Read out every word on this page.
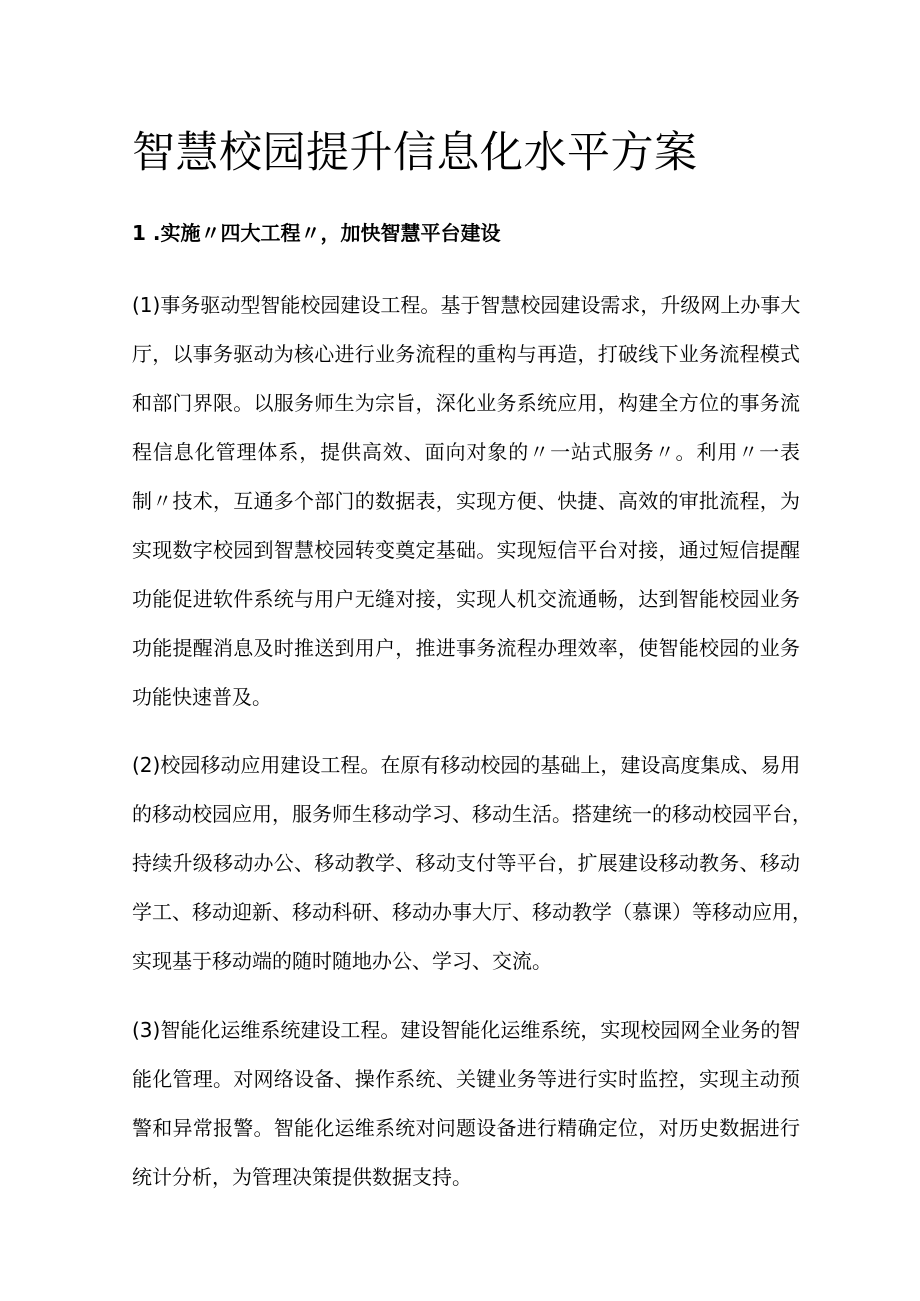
智慧校园提升信息化水平方案
1 .实施〃四大工程〃，加快智慧平台建设
(1)事务驱动型智能校园建设工程。基于智慧校园建设需求，升级网上办事大
厅，以事务驱动为核心进行业务流程的重构与再造，打破线下业务流程模式
和部门界限。以服务师生为宗旨，深化业务系统应用，构建全方位的事务流
程信息化管理体系，提供高效、面向对象的〃一站式服务〃。利用〃一表
制〃技术，互通多个部门的数据表，实现方便、快捷、高效的审批流程，为
实现数字校园到智慧校园转变奠定基础。实现短信平台对接，通过短信提醒
功能促进软件系统与用户无缝对接，实现人机交流通畅，达到智能校园业务
功能提醒消息及时推送到用户，推进事务流程办理效率，使智能校园的业务
功能快速普及。
(2)校园移动应用建设工程。在原有移动校园的基础上，建设高度集成、易用
的移动校园应用，服务师生移动学习、移动生活。搭建统一的移动校园平台，
持续升级移动办公、移动教学、移动支付等平台，扩展建设移动教务、移动
学工、移动迎新、移动科研、移动办事大厅、移动教学（慕课）等移动应用，
实现基于移动端的随时随地办公、学习、交流。
(3)智能化运维系统建设工程。建设智能化运维系统，实现校园网全业务的智
能化管理。对网络设备、操作系统、关键业务等进行实时监控，实现主动预
警和异常报警。智能化运维系统对问题设备进行精确定位，对历史数据进行
统计分析，为管理决策提供数据支持。
